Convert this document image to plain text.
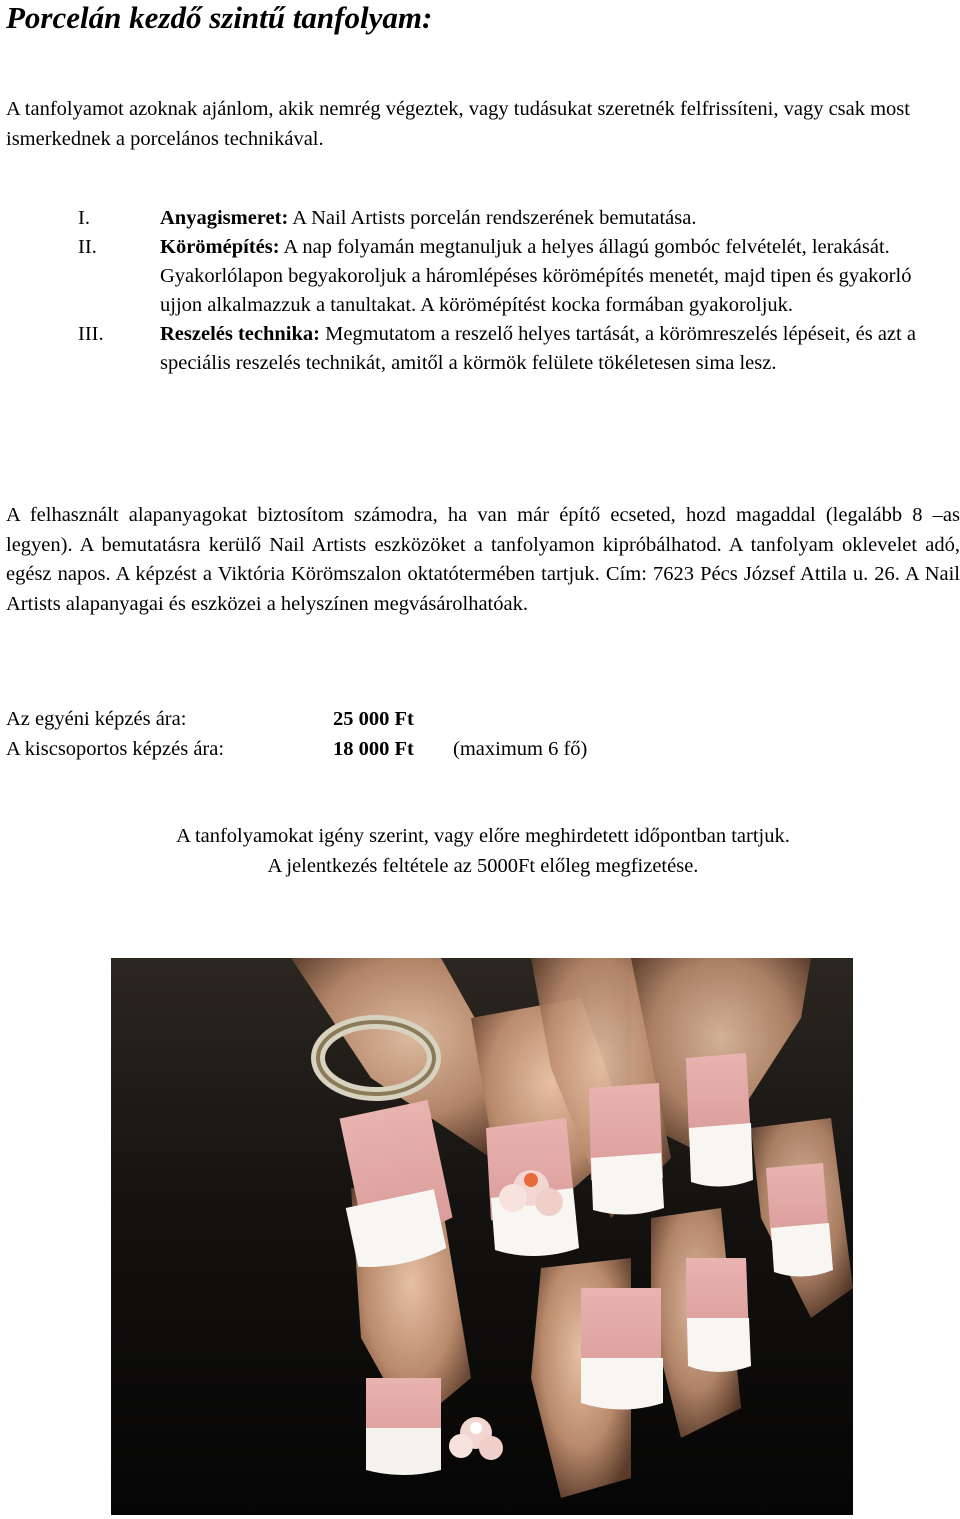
Porcelán kezdő szintű tanfolyam:

A tanfolyamot azoknak ajánlom, akik nemrég végeztek, vagy tudásukat szeretnék felfrissíteni, vagy csak most ismerkednek a porcelános technikával.

I.	Anyagismeret: A Nail Artists porcelán rendszerének bemutatása.
II.	Körömépítés: A nap folyamán megtanuljuk a helyes állagú gombóc felvételét, lerakását. Gyakorlólapon begyakoroljuk a háromlépéses körömépítés menetét, majd tipen és gyakorló ujjon alkalmazzuk a tanultakat. A körömépítést kocka formában gyakoroljuk.
III.	Reszelés technika: Megmutatom a reszelő helyes tartását, a körömreszelés lépéseit, és azt a speciális reszelés technikát, amitől a körmök felülete tökéletesen sima lesz.

A felhasznált alapanyagokat biztosítom számodra, ha van már építő ecseted, hozd magaddal (legalább 8 –as legyen). A bemutatásra kerülő Nail Artists eszközöket a tanfolyamon kipróbálhatod. A tanfolyam oklevelet adó, egész napos. A képzést a Viktória Körömszalon oktatótermében tartjuk. Cím: 7623 Pécs József Attila u. 26. A Nail Artists alapanyagai és eszközei a helyszínen megvásárolhatóak.

Az egyéni képzés ára:	25 000 Ft
A kiscsoportos képzés ára:	18 000 Ft (maximum 6 fő)
A tanfolyamokat igény szerint, vagy előre meghirdetett időpontban tartjuk.
A jelentkezés feltétele az 5000Ft előleg megfizetése.
